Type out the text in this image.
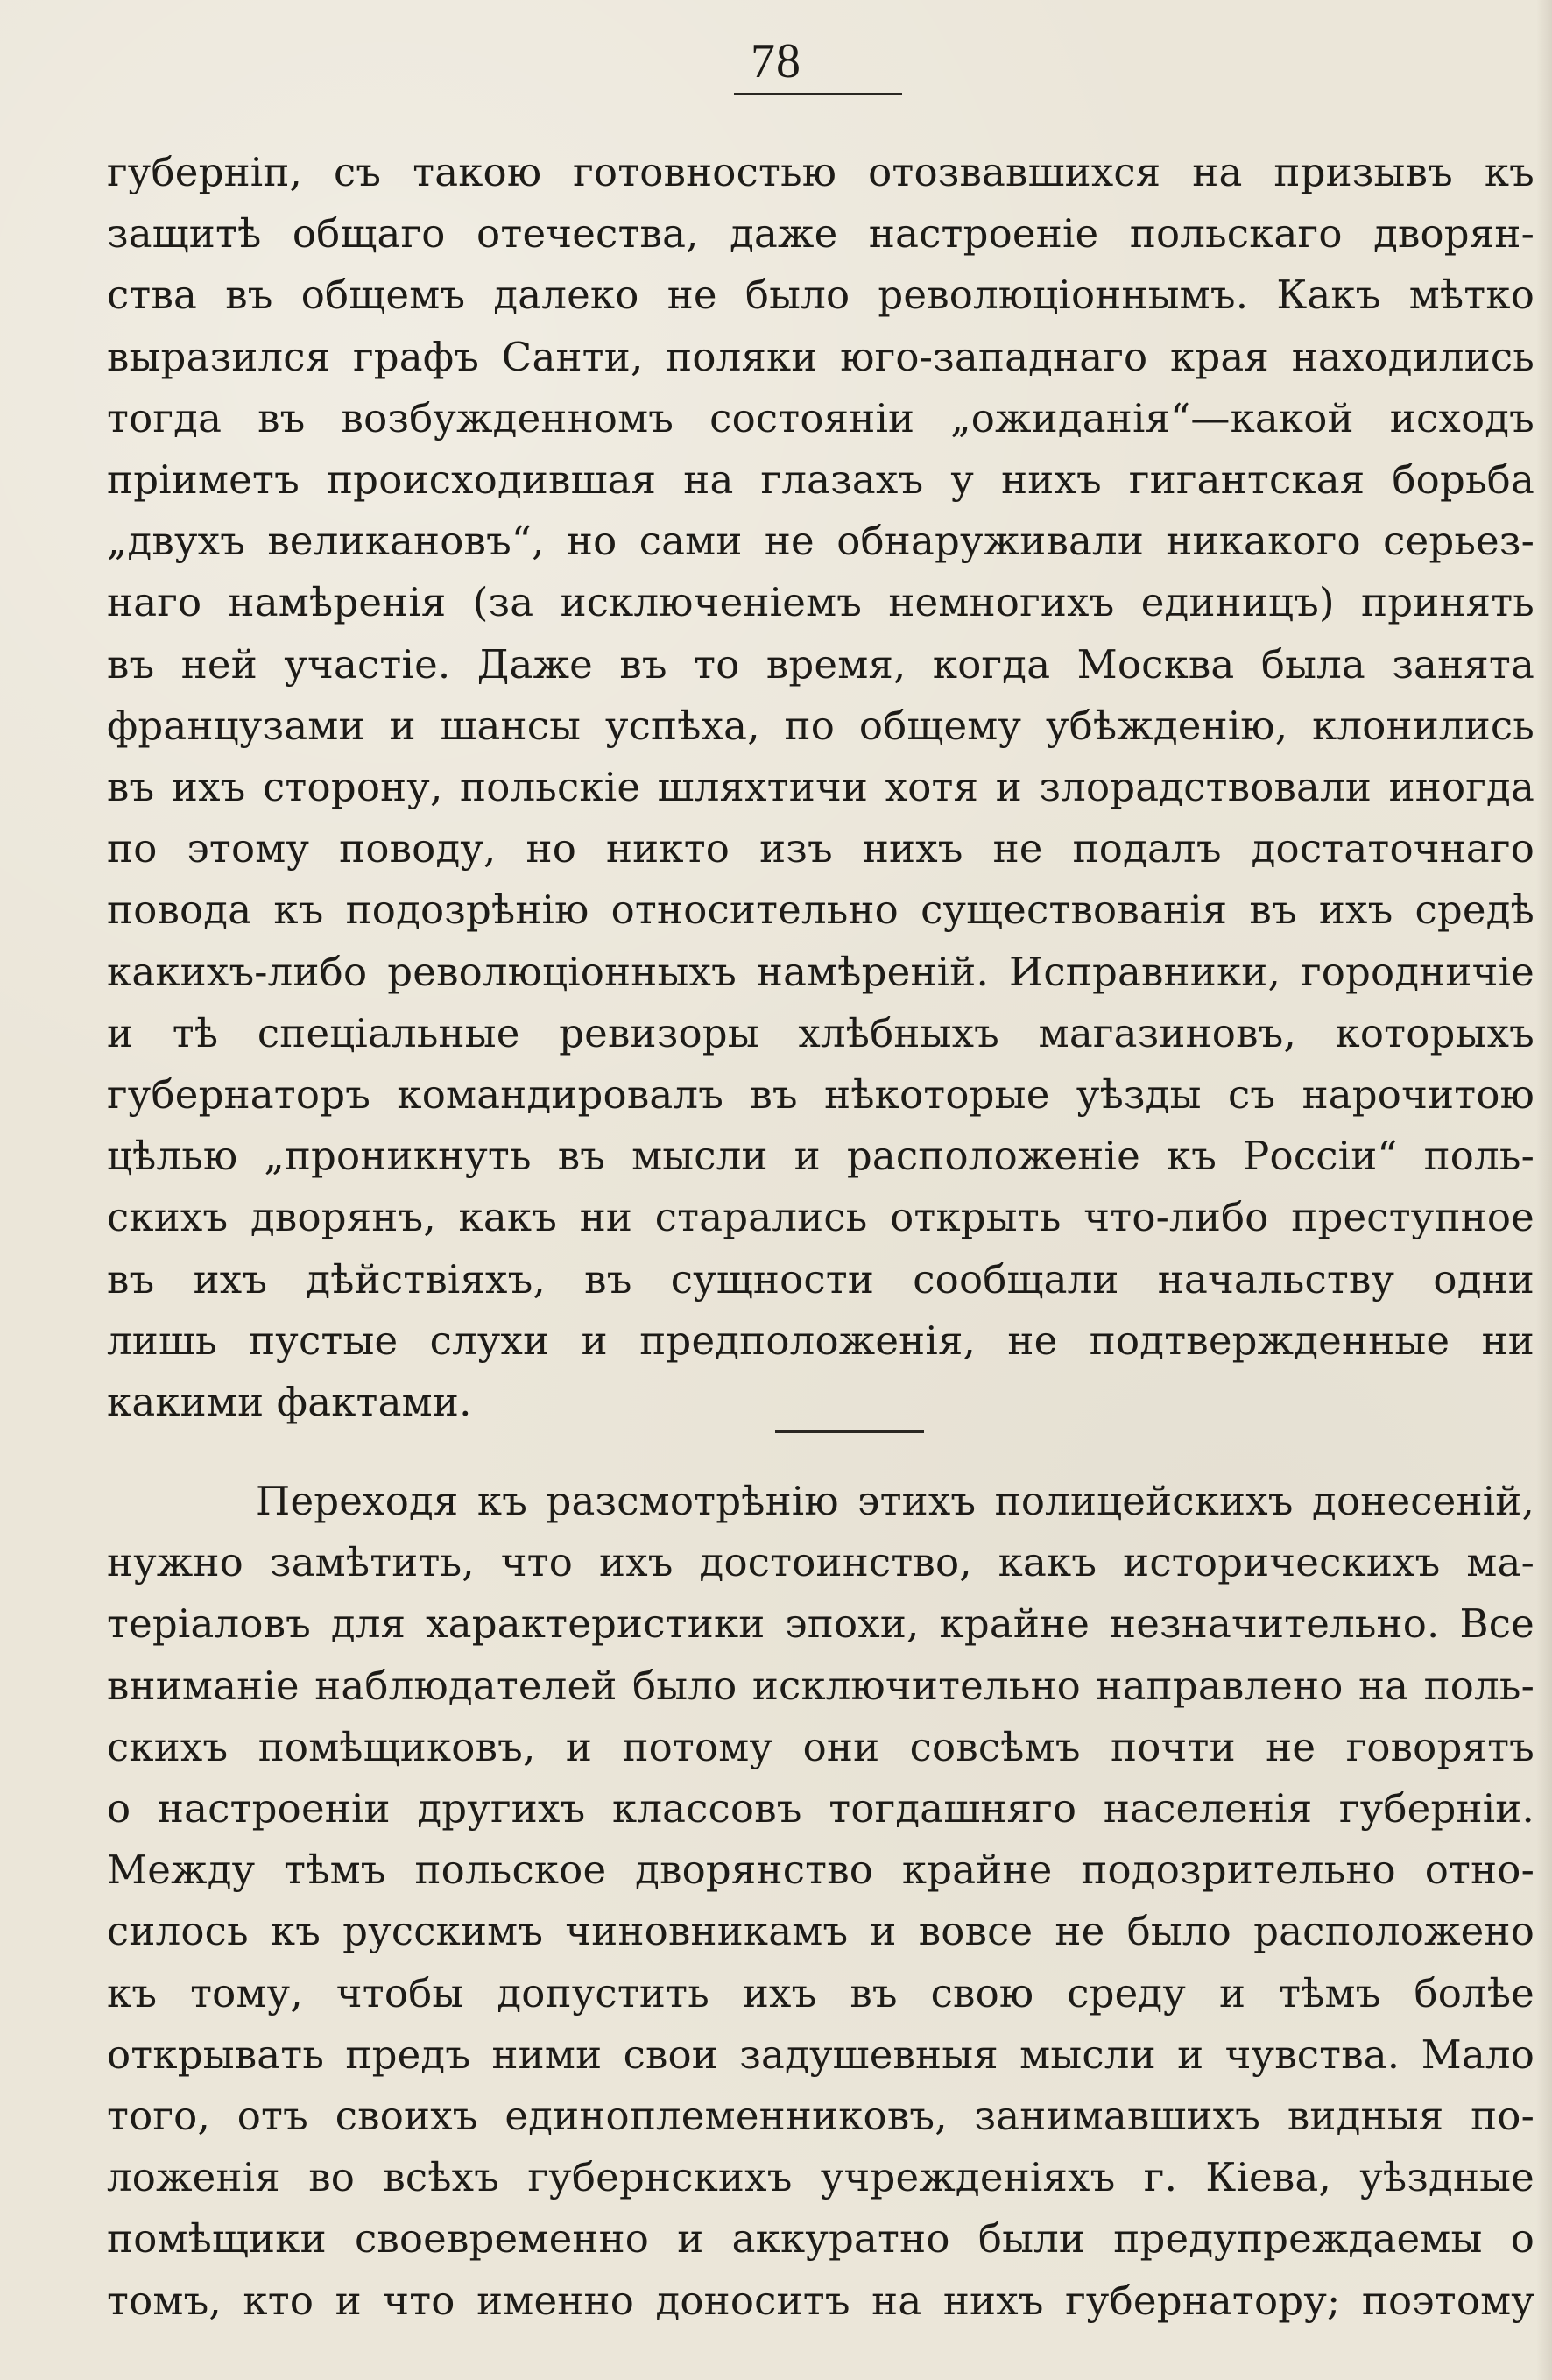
78
губерніп, съ такою готовностью отозвавшихся на призывъ къ
защитѣ общаго отечества, даже настроеніе польскаго дворян-
ства въ общемъ далеко не было революціоннымъ. Какъ мѣтко
выразился графъ Санти, поляки юго-западнаго края находились
тогда въ возбужденномъ состояніи „ожиданія“—какой исходъ
пріиметъ происходившая на глазахъ у нихъ гигантская борьба
„двухъ великановъ“, но сами не обнаруживали никакого серьез-
наго намѣренія (за исключеніемъ немногихъ единицъ) принять
въ ней участіе. Даже въ то время, когда Москва была занята
французами и шансы успѣха, по общему убѣжденію, клонились
въ ихъ сторону, польскіе шляхтичи хотя и злорадствовали иногда
по этому поводу, но никто изъ нихъ не подалъ достаточнаго
повода къ подозрѣнію относительно существованія въ ихъ средѣ
какихъ-либо революціонныхъ намѣреній. Исправники, городничіе
и тѣ спеціальные ревизоры хлѣбныхъ магазиновъ, которыхъ
губернаторъ командировалъ въ нѣкоторые уѣзды съ нарочитою
цѣлью „проникнуть въ мысли и расположеніе къ Россіи“ поль-
скихъ дворянъ, какъ ни старались открыть что-либо преступное
въ ихъ дѣйствіяхъ, въ сущности сообщали начальству одни
лишь пустые слухи и предположенія, не подтвержденные ни
какими фактами.
Переходя къ разсмотрѣнію этихъ полицейскихъ донесеній,
нужно замѣтить, что ихъ достоинство, какъ историческихъ ма-
теріаловъ для характеристики эпохи, крайне незначительно. Все
вниманіе наблюдателей было исключительно направлено на поль-
скихъ помѣщиковъ, и потому они совсѣмъ почти не говорятъ
о настроеніи другихъ классовъ тогдашняго населенія губерніи.
Между тѣмъ польское дворянство крайне подозрительно отно-
силось къ русскимъ чиновникамъ и вовсе не было расположено
къ тому, чтобы допустить ихъ въ свою среду и тѣмъ болѣе
открывать предъ ними свои задушевныя мысли и чувства. Мало
того, отъ своихъ единоплеменниковъ, занимавшихъ видныя по-
ложенія во всѣхъ губернскихъ учрежденіяхъ г. Кіева, уѣздные
помѣщики своевременно и аккуратно были предупреждаемы о
томъ, кто и что именно доноситъ на нихъ губернатору; поэтому
